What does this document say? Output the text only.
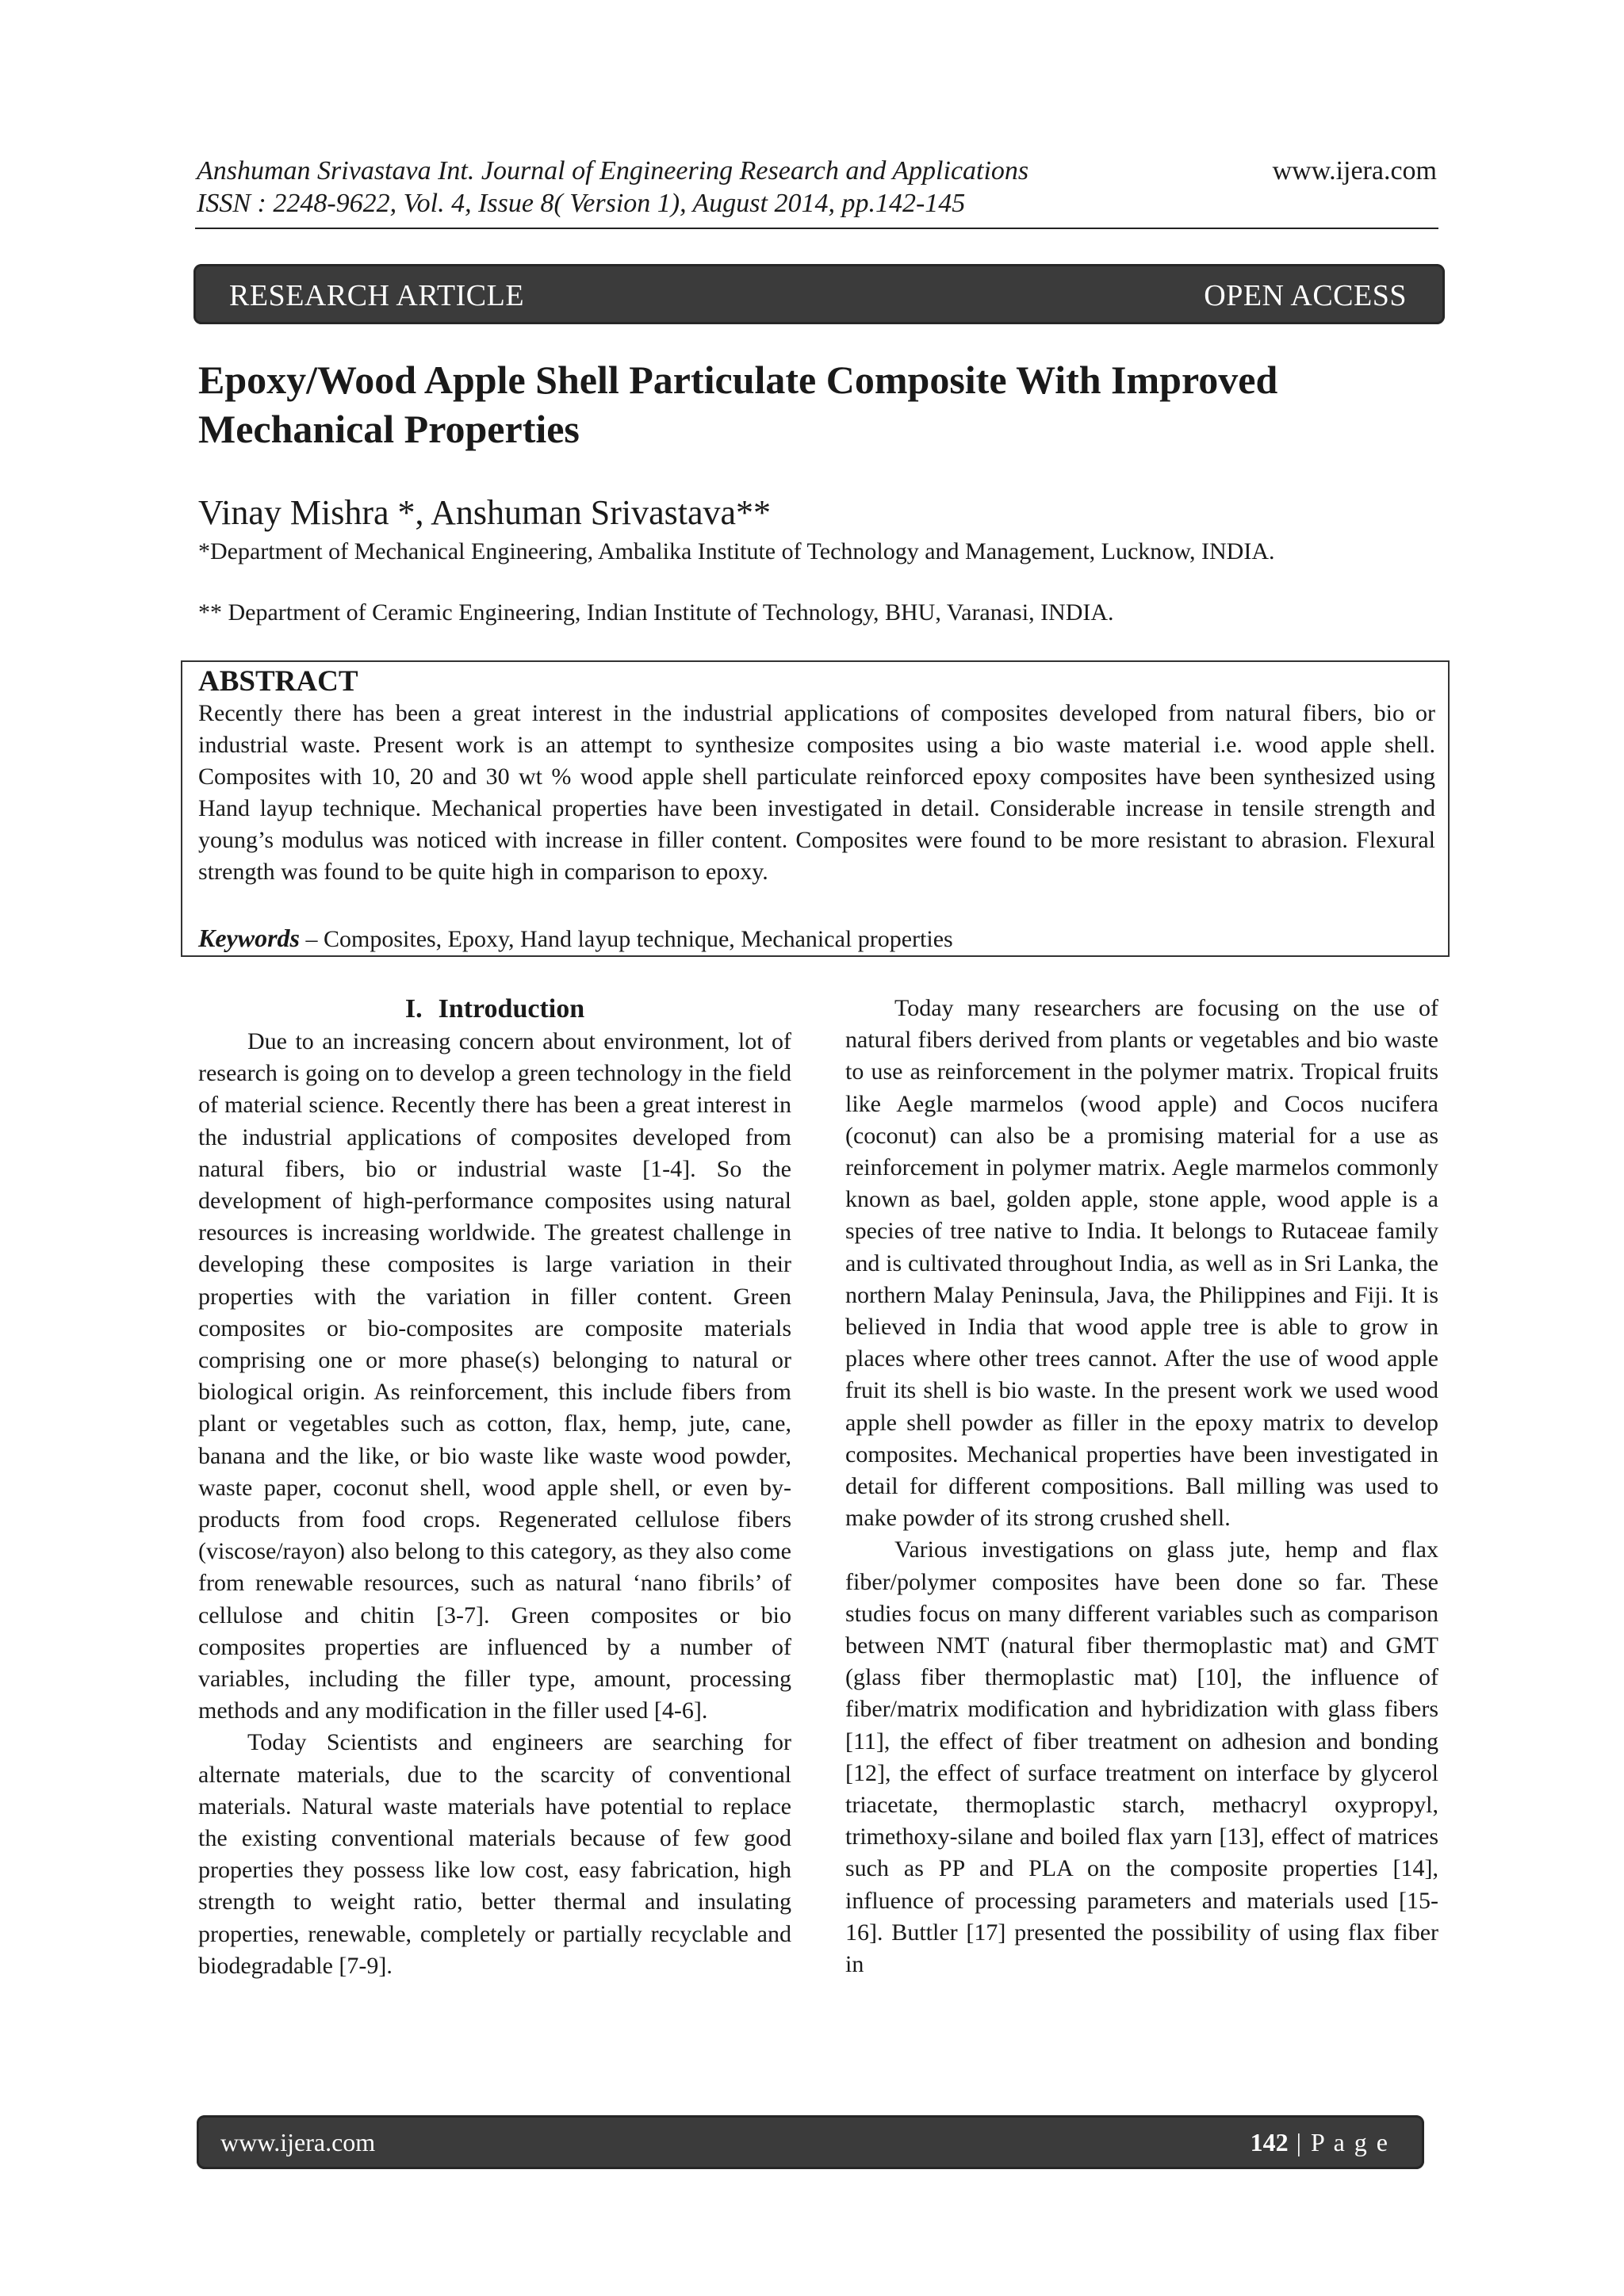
Anshuman Srivastava Int. Journal of Engineering Research and Applications	www.ijera.com
ISSN : 2248-9622, Vol. 4, Issue 8( Version 1), August 2014, pp.142-145
RESEARCH ARTICLE	OPEN ACCESS
Epoxy/Wood Apple Shell Particulate Composite With Improved Mechanical Properties
Vinay Mishra *, Anshuman Srivastava**
*Department of Mechanical Engineering, Ambalika Institute of Technology and Management, Lucknow, INDIA.
** Department of Ceramic Engineering, Indian Institute of Technology, BHU, Varanasi, INDIA.
ABSTRACT

Recently there has been a great interest in the industrial applications of composites developed from natural fibers, bio or industrial waste. Present work is an attempt to synthesize composites using a bio waste material i.e. wood apple shell. Composites with 10, 20 and 30 wt % wood apple shell particulate reinforced epoxy composites have been synthesized using Hand layup technique. Mechanical properties have been investigated in detail. Considerable increase in tensile strength and young’s modulus was noticed with increase in filler content. Composites were found to be more resistant to abrasion. Flexural strength was found to be quite high in comparison to epoxy.

Keywords – Composites, Epoxy, Hand layup technique, Mechanical properties
I. Introduction

Due to an increasing concern about environment, lot of research is going on to develop a green technology in the field of material science. Recently there has been a great interest in the industrial applications of composites developed from natural fibers, bio or industrial waste [1-4]. So the development of high-performance composites using natural resources is increasing worldwide. The greatest challenge in developing these composites is large variation in their properties with the variation in filler content. Green composites or bio-composites are composite materials comprising one or more phase(s) belonging to natural or biological origin. As reinforcement, this include fibers from plant or vegetables such as cotton, flax, hemp, jute, cane, banana and the like, or bio waste like waste wood powder, waste paper, coconut shell, wood apple shell, or even by-products from food crops. Regenerated cellulose fibers (viscose/rayon) also belong to this category, as they also come from renewable resources, such as natural ‘nano fibrils’ of cellulose and chitin [3-7]. Green composites or bio composites properties are influenced by a number of variables, including the filler type, amount, processing methods and any modification in the filler used [4-6].

Today Scientists and engineers are searching for alternate materials, due to the scarcity of conventional materials. Natural waste materials have potential to replace the existing conventional materials because of few good properties they possess like low cost, easy fabrication, high strength to weight ratio, better thermal and insulating properties, renewable, completely or partially recyclable and biodegradable [7-9].

Today many researchers are focusing on the use of natural fibers derived from plants or vegetables and bio waste to use as reinforcement in the polymer matrix. Tropical fruits like Aegle marmelos (wood apple) and Cocos nucifera (coconut) can also be a promising material for a use as reinforcement in polymer matrix. Aegle marmelos commonly known as bael, golden apple, stone apple, wood apple is a species of tree native to India. It belongs to Rutaceae family and is cultivated throughout India, as well as in Sri Lanka, the northern Malay Peninsula, Java, the Philippines and Fiji. It is believed in India that wood apple tree is able to grow in places where other trees cannot. After the use of wood apple fruit its shell is bio waste. In the present work we used wood apple shell powder as filler in the epoxy matrix to develop composites. Mechanical properties have been investigated in detail for different compositions. Ball milling was used to make powder of its strong crushed shell.

Various investigations on glass jute, hemp and flax fiber/polymer composites have been done so far. These studies focus on many different variables such as comparison between NMT (natural fiber thermoplastic mat) and GMT (glass fiber thermoplastic mat) [10], the influence of fiber/matrix modification and hybridization with glass fibers [11], the effect of fiber treatment on adhesion and bonding [12], the effect of surface treatment on interface by glycerol triacetate, thermoplastic starch, methacryl oxypropyl, trimethoxy-silane and boiled flax yarn [13], effect of matrices such as PP and PLA on the composite properties [14], influence of processing parameters and materials used [15-16]. Buttler [17] presented the possibility of using flax fiber in

www.ijera.com	142 | P a g e
